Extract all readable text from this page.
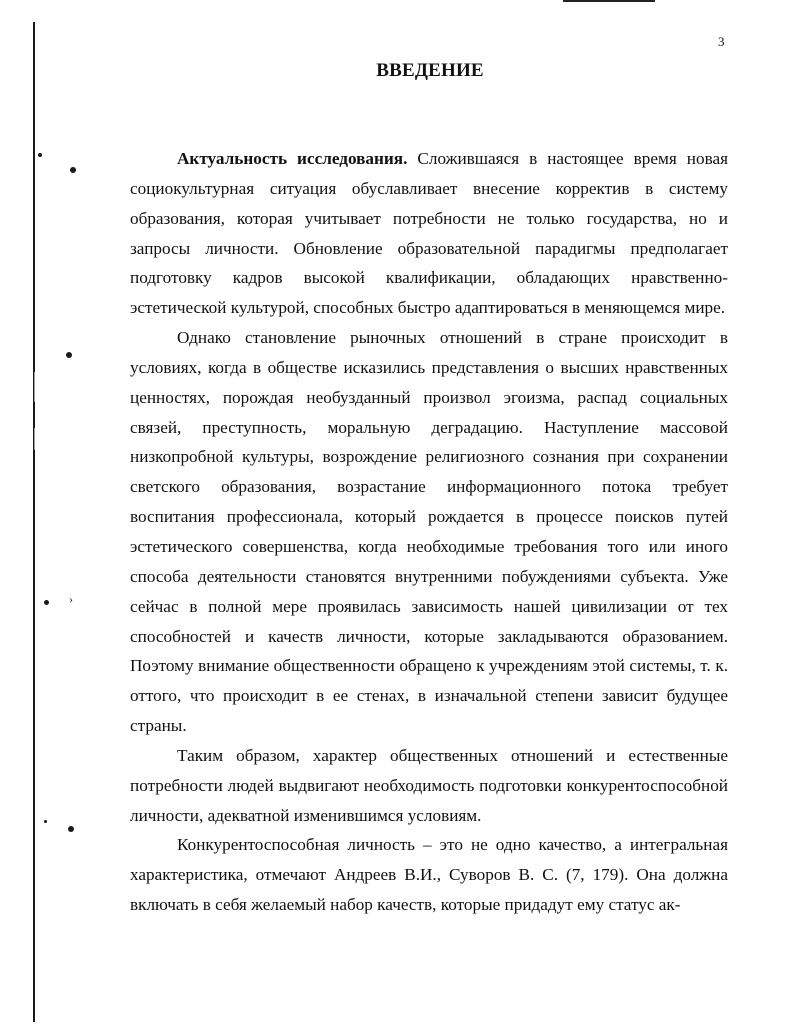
3
ВВЕДЕНИЕ

Актуальность исследования. Сложившаяся в настоящее время новая социокультурная ситуация обуславливает внесение корректив в систему образования, которая учитывает потребности не только государства, но и запросы личности. Обновление образовательной парадигмы предполагает подготовку кадров высокой квалификации, обладающих нравственно-эстетической культурой, способных быстро адаптироваться в меняющемся мире.

Однако становление рыночных отношений в стране происходит в условиях, когда в обществе исказились представления о высших нравственных ценностях, порождая необузданный произвол эгоизма, распад социальных связей, преступность, моральную деградацию. Наступление массовой низкопробной культуры, возрождение религиозного сознания при сохранении светского образования, возрастание информационного потока требует воспитания профессионала, который рождается в процессе поисков путей эстетического совершенства, когда необходимые требования того или иного способа деятельности становятся внутренними побуждениями субъекта. Уже сейчас в полной мере проявилась зависимость нашей цивилизации от тех способностей и качеств личности, которые закладываются образованием. Поэтому внимание общественности обращено к учреждениям этой системы, т. к. оттого, что происходит в ее стенах, в изначальной степени зависит будущее страны.

Таким образом, характер общественных отношений и естественные потребности людей выдвигают необходимость подготовки конкурентоспособной личности, адекватной изменившимся условиям.

Конкурентоспособная личность – это не одно качество, а интегральная характеристика, отмечают Андреев В.И., Суворов В. С. (7, 179). Она должна включать в себя желаемый набор качеств, которые придадут ему статус ак-

›
